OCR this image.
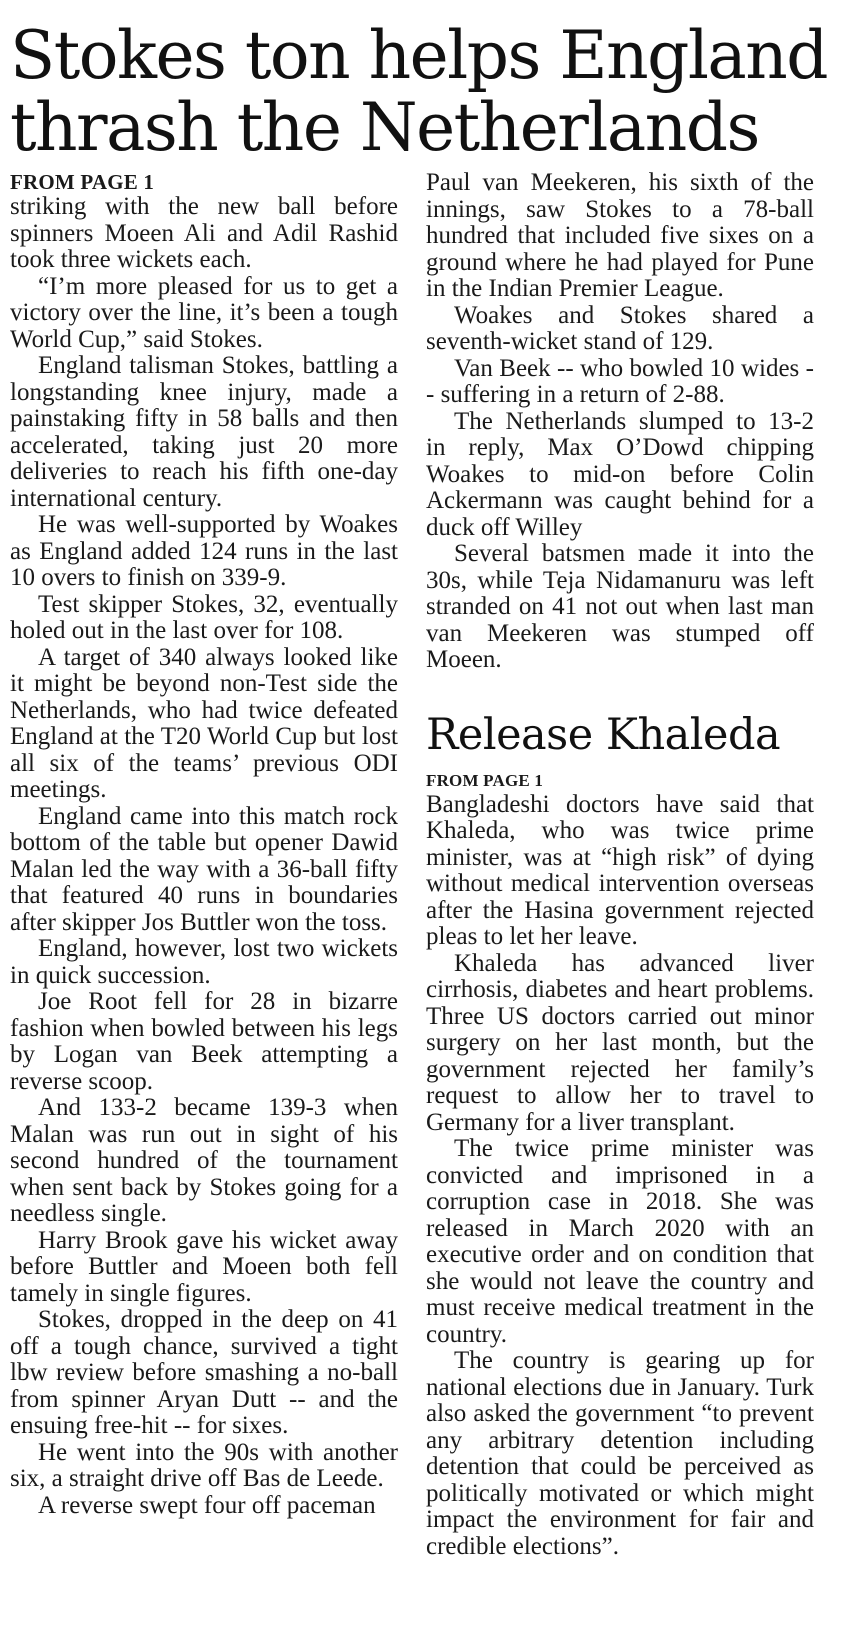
Stokes ton helps England thrash the Netherlands

FROM PAGE 1

striking with the new ball before spinners Moeen Ali and Adil Rashid took three wickets each.

“I’m more pleased for us to get a victory over the line, it’s been a tough World Cup,” said Stokes.

England talisman Stokes, battling a longstanding knee injury, made a painstaking fifty in 58 balls and then accelerated, taking just 20 more deliveries to reach his fifth one-day international century.

He was well-supported by Woakes as England added 124 runs in the last 10 overs to finish on 339-9.

Test skipper Stokes, 32, eventually holed out in the last over for 108.

A target of 340 always looked like it might be beyond non-Test side the Netherlands, who had twice defeated England at the T20 World Cup but lost all six of the teams’ previous ODI meetings.

England came into this match rock bottom of the table but opener Dawid Malan led the way with a 36-ball fifty that featured 40 runs in boundaries after skipper Jos Buttler won the toss.

England, however, lost two wickets in quick succession.

Joe Root fell for 28 in bizarre fashion when bowled between his legs by Logan van Beek attempting a reverse scoop.

And 133-2 became 139-3 when Malan was run out in sight of his second hundred of the tournament when sent back by Stokes going for a needless single.

Harry Brook gave his wicket away before Buttler and Moeen both fell tamely in single figures.

Stokes, dropped in the deep on 41 off a tough chance, survived a tight lbw review before smashing a no-ball from spinner Aryan Dutt -- and the ensuing free-hit -- for sixes.

He went into the 90s with another six, a straight drive off Bas de Leede.

A reverse swept four off paceman

Paul van Meekeren, his sixth of the innings, saw Stokes to a 78-ball hundred that included five sixes on a ground where he had played for Pune in the Indian Premier League.

Woakes and Stokes shared a seventh-wicket stand of 129.

Van Beek -- who bowled 10 wides -- suffering in a return of 2-88.

The Netherlands slumped to 13-2 in reply, Max O’Dowd chipping Woakes to mid-on before Colin Ackermann was caught behind for a duck off Willey

Several batsmen made it into the 30s, while Teja Nidamanuru was left stranded on 41 not out when last man van Meekeren was stumped off Moeen.

Release Khaleda

FROM PAGE 1

Bangladeshi doctors have said that Khaleda, who was twice prime minister, was at “high risk” of dying without medical intervention overseas after the Hasina government rejected pleas to let her leave.

Khaleda has advanced liver cirrhosis, diabetes and heart problems. Three US doctors carried out minor surgery on her last month, but the government rejected her family’s request to allow her to travel to Germany for a liver transplant.

The twice prime minister was convicted and imprisoned in a corruption case in 2018. She was released in March 2020 with an executive order and on condition that she would not leave the country and must receive medical treatment in the country.

The country is gearing up for national elections due in January. Turk also asked the government “to prevent any arbitrary detention including detention that could be perceived as politically motivated or which might impact the environment for fair and credible elections”.
